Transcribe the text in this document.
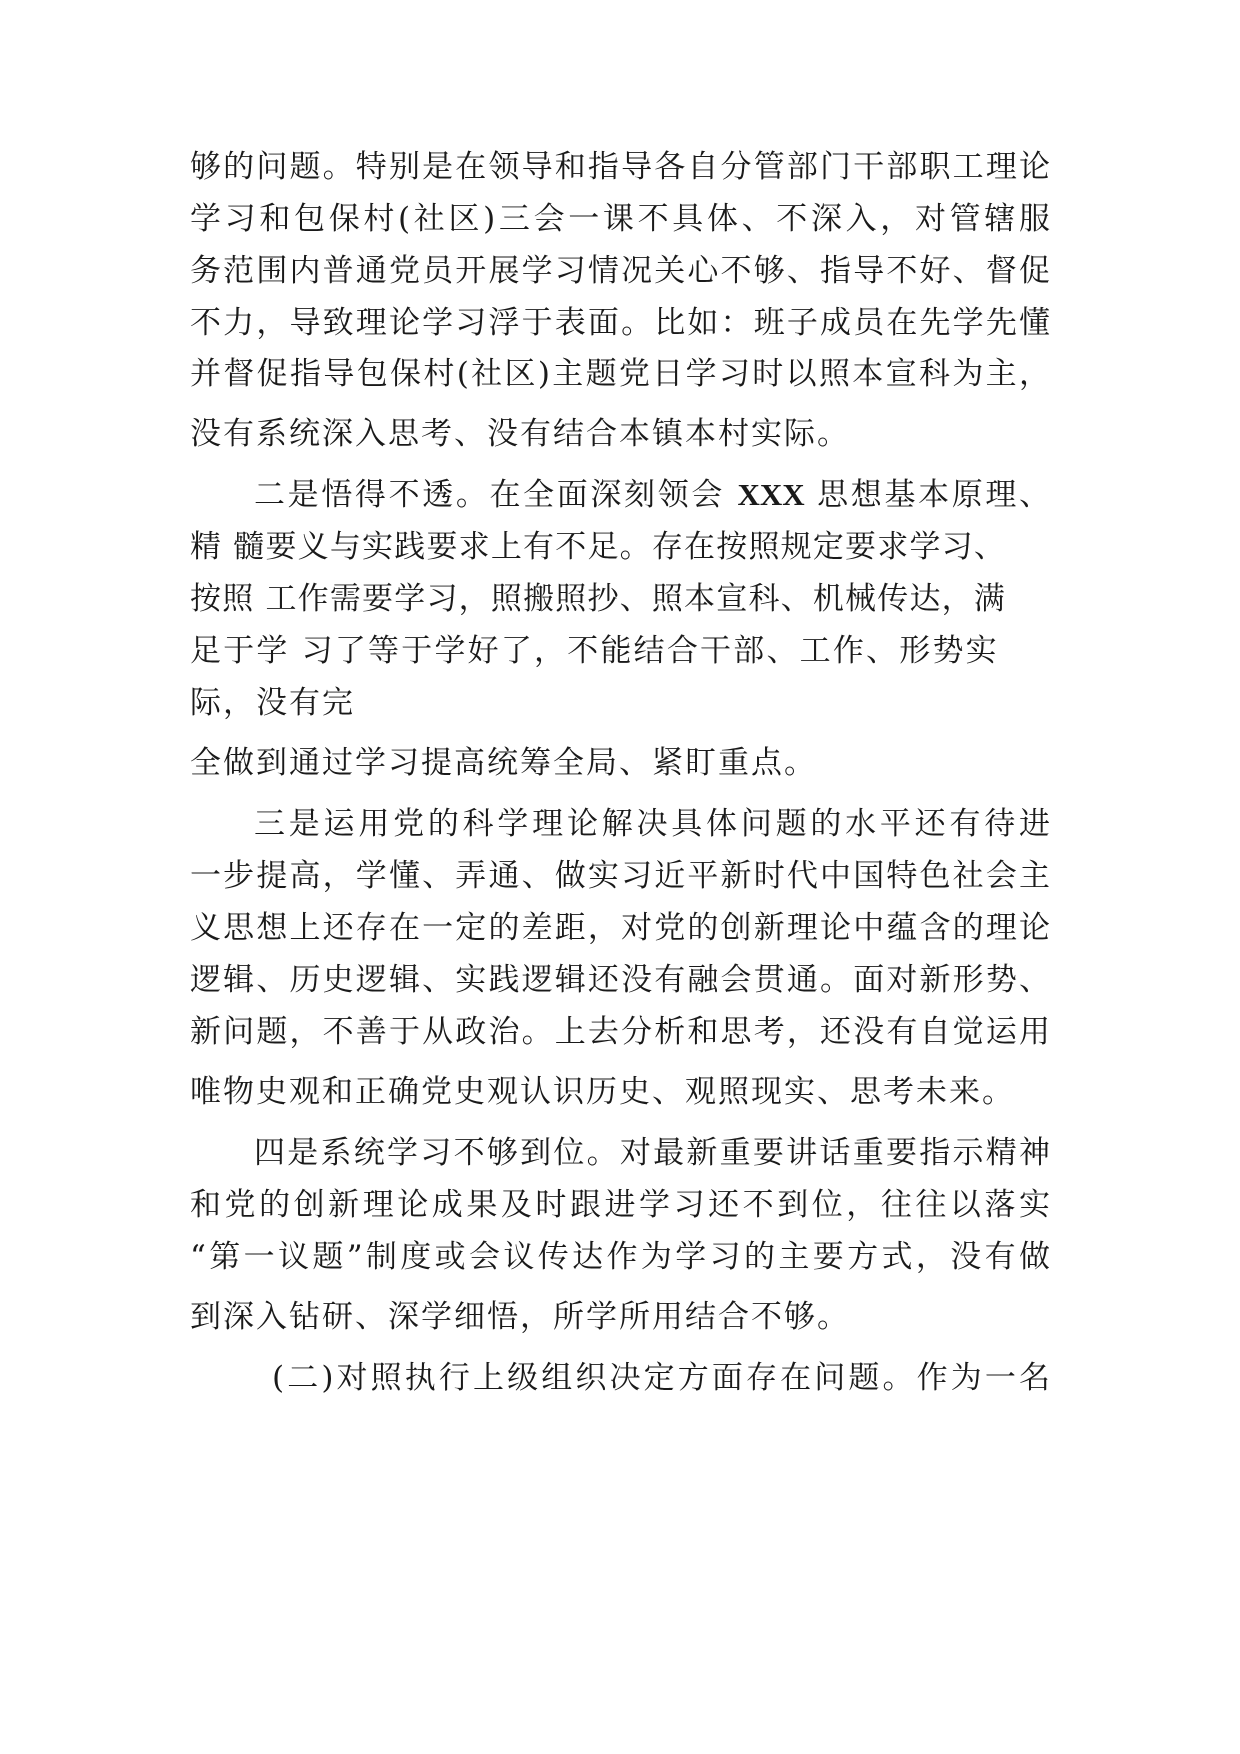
够的问题。特别是在领导和指导各自分管部门干部职工理论
学习和包保村(社区)三会一课不具体、不深入，对管辖服
务范围内普通党员开展学习情况关心不够、指导不好、督促
不力，导致理论学习浮于表面。比如：班子成员在先学先懂
并督促指导包保村(社区)主题党日学习时以照本宣科为主，
没有系统深入思考、没有结合本镇本村实际。
二是悟得不透。在全面深刻领会 XXX 思想基本原理、
精 髓要义与实践要求上有不足。存在按照规定要求学习、
按照 工作需要学习，照搬照抄、照本宣科、机械传达，满
足于学 习了等于学好了，不能结合干部、工作、形势实
际，没有完
全做到通过学习提高统筹全局、紧盯重点。
三是运用党的科学理论解决具体问题的水平还有待进
一步提高，学懂、弄通、做实习近平新时代中国特色社会主
义思想上还存在一定的差距，对党的创新理论中蕴含的理论
逻辑、历史逻辑、实践逻辑还没有融会贯通。面对新形势、
新问题，不善于从政治。上去分析和思考，还没有自觉运用
唯物史观和正确党史观认识历史、观照现实、思考未来。
四是系统学习不够到位。对最新重要讲话重要指示精神
和党的创新理论成果及时跟进学习还不到位，往往以落实
“第一议题”制度或会议传达作为学习的主要方式，没有做
到深入钻研、深学细悟，所学所用结合不够。
(二)对照执行上级组织决定方面存在问题。作为一名
